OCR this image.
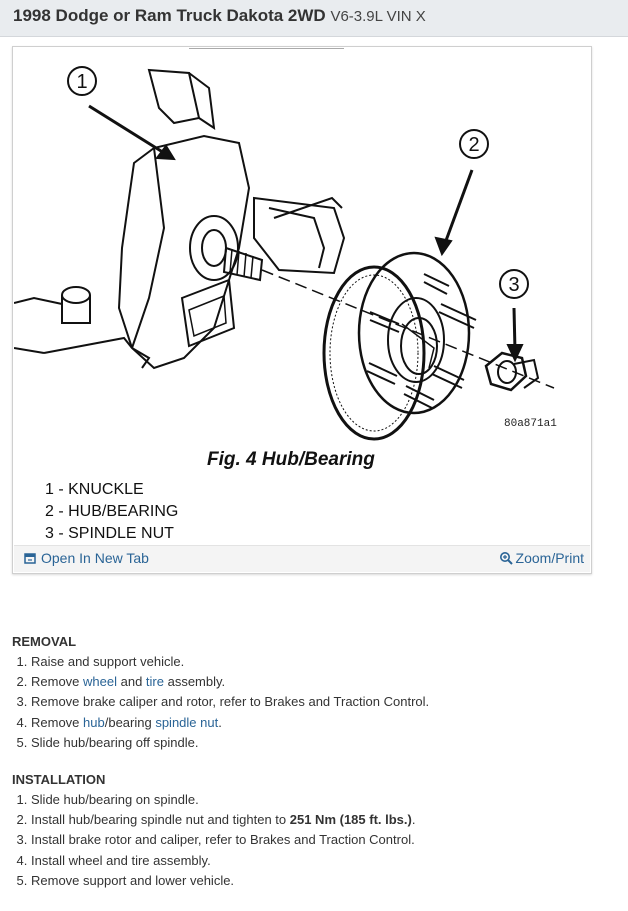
1998 Dodge or Ram Truck Dakota 2WD V6-3.9L VIN X
1
2
3
80a871a1
Fig. 4 Hub/Bearing
1 - KNUCKLE
2 - HUB/BEARING
3 - SPINDLE NUT
Open In New Tab	Zoom/Print
REMOVAL
1. Raise and support vehicle.
2. Remove wheel and tire assembly.
3. Remove brake caliper and rotor, refer to Brakes and Traction Control.
4. Remove hub/bearing spindle nut.
5. Slide hub/bearing off spindle.
INSTALLATION
1. Slide hub/bearing on spindle.
2. Install hub/bearing spindle nut and tighten to 251 Nm (185 ft. lbs.).
3. Install brake rotor and caliper, refer to Brakes and Traction Control.
4. Install wheel and tire assembly.
5. Remove support and lower vehicle.
